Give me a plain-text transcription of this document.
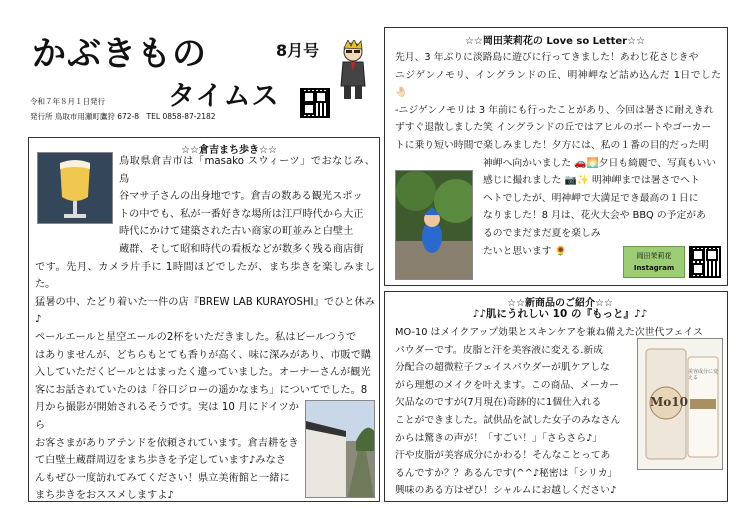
かぶきもの	8月号
タイムス
令和７年８月１日発行
発行所 鳥取市用瀬町鷹狩 672-8　TEL 0858-87-2182

☆☆倉吉まち歩き☆☆

鳥取県倉吉市は「masako スウィーツ」でおなじみ、鳥

谷マサ子さんの出身地です。倉吉の数ある観光スポッ

トの中でも、私が一番好きな場所は江戸時代から大正

時代にかけて建築された古い商家の町並みと白壁土

蔵群、そして昭和時代の看板などが数多く残る商店街

です。先月、カメラ片手に 1時間ほどでしたが、まち歩きを楽しみました。

猛暑の中、たどり着いた一件の店『BREW LAB KURAYOSHI』でひと休み♪

ペールエールと星空エールの2杯をいただきました。私はビールつうで

はありませんが、どちらもとても香りが高く、味に深みがあり、市販で購

入していただくビールとはまったく違っていました。オーナーさんが観光

客にお話されていたのは「谷口ジローの遥かなまち」についてでした。8

月から撮影が開始されるそうです。実は 10 月にドイツから

お客さまがありアテンドを依頼されています。倉吉耕をき

て白壁土蔵群周辺をまち歩きを予定しています♪みなさ

んもぜひ一度訪れてみてください！県立美術館と一緒に

まち歩きをおススメしますよ♪

☆☆岡田茉莉花の Love so Letter☆☆

先月、3 年ぶりに淡路島に遊びに行ってきました！あわじ花さじきや

ニジゲンノモリ、イングランドの丘、明神岬など詰め込んだ 1日でした 🤚🏻

-ニジゲンノモリは 3 年前にも行ったことがあり、今回は暑さに耐えきれ

ずすぐ退散しました笑 イングランドの丘ではアヒルのボートやゴーカー

トに乗り短い時間で楽しみました！夕方には、私の１番の目的だった明

神岬へ向かいました 🚗🌅夕日も綺麗で、写真もいい

感じに撮れました 📷✨ 明神岬までは暑さでヘト

ヘトでしたが、明神岬で大満足でき最高の１日に

なりました！8 月は、花火大会や BBQ の予定があ

るのでまだまだ夏を楽しみ

たいと思います 🌻	岡田茉莉花
Instagram

☆☆新商品のご紹介☆☆

♪♪肌にうれしい 10 の『もっと』♪♪

MO-10 はメイクアップ効果とスキンケアを兼ね備えた次世代フェイス

パウダーです。皮脂と汗を美容液に変える.新成

分配合の超微粒子フェイスパウダーが肌ケアしな

がら理想のメイクを叶えます。この商品、メーカー

欠品なのですが(7月現在)奇跡的に1個仕入れる

ことができました。試供品を試した女子のみなさん

からは驚きの声が！「すごい！」「さらさら♪」

汗や皮脂が美容成分にかわる！そんなことってあ

るんですか？？あるんです(^^♪秘密は「シリカ」

興味のある方はぜひ！シャルムにお越しください♪

Mo10
美容成分に変える
